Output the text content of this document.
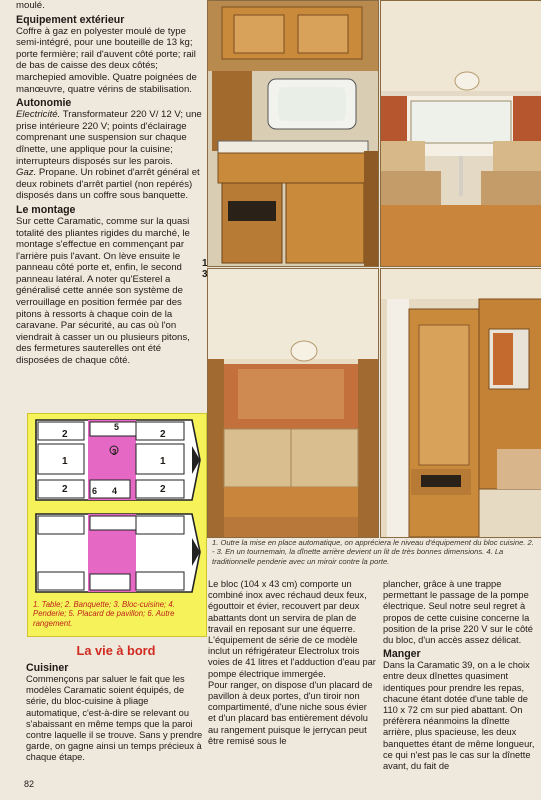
moulé.

Equipement extérieur

Coffre à gaz en polyester moulé de type semi-intégré, pour une bouteille de 13 kg; porte fermière; rail d'auvent côté porte; rail de bas de caisse des deux côtés; marchepied amovible. Quatre poignées de manœuvre, quatre vérins de stabilisation.

Autonomie

Electricité. Transformateur 220 V/ 12 V; une prise intérieure 220 V; points d'éclairage comprenant une suspension sur chaque dînette, une applique pour la cuisine; interrupteurs disposés sur les parois.

Gaz. Propane. Un robinet d'arrêt général et deux robinets d'arrêt partiel (non repérés) disposés dans un coffre sous banquette.

Le montage

Sur cette Caramatic, comme sur la quasi totalité des pliantes rigides du marché, le montage s'effectue en commençant par l'arrière puis l'avant. On lève ensuite le panneau côté porte et, enfin, le second panneau latéral. A noter qu'Esterel a généralisé cette année son système de verrouillage en position fermée par des pitons à ressorts à chaque coin de la caravane. Par sécurité, au cas où l'on viendrait à casser un ou plusieurs pitons, des fermetures sauterelles ont été disposées de chaque côté.

1
3
2
5
3
2
1	1
2	6 4	2
1. Table; 2. Banquette; 3. Bloc-cuisine; 4. Penderie; 5. Placard de pavillon; 6. Autre rangement.
1. Outre la mise en place automatique, on appréciera le niveau d'équipement du bloc cuisine. 2. - 3. En un tournemain, la dînette arrière devient un lit de très bonnes dimensions. 4. La traditionnelle penderie avec un miroir contre la porte.
La vie à bord
Cuisiner

Commençons par saluer le fait que les modèles Caramatic soient équipés, de série, du bloc-cuisine à pliage automatique, c'est-à-dire se relevant ou s'abaissant en même temps que la paroi contre laquelle il se trouve. Sans y prendre garde, on gagne ainsi un temps précieux à chaque étape.

Le bloc (104 x 43 cm) comporte un combiné inox avec réchaud deux feux, égouttoir et évier, recouvert par deux abattants dont un servira de plan de travail en reposant sur une équerre.

L'équipement de série de ce modèle inclut un réfrigérateur Electrolux trois voies de 41 litres et l'adduction d'eau par pompe électrique immergée.

Pour ranger, on dispose d'un placard de pavillon à deux portes, d'un tiroir non compartimenté, d'une niche sous évier et d'un placard bas entièrement dévolu au rangement puisque le jerrycan peut être remisé sous le

plancher, grâce à une trappe permettant le passage de la pompe électrique. Seul notre seul regret à propos de cette cuisine concerne la position de la prise 220 V sur le côté du bloc, d'un accès assez délicat.

Manger

Dans la Caramatic 39, on a le choix entre deux dînettes quasiment identiques pour prendre les repas, chacune étant dotée d'une table de 110 x 72 cm sur pied abattant. On préfèrera néanmoins la dînette arrière, plus spacieuse, les deux banquettes étant de même longueur, ce qui n'est pas le cas sur la dînette avant, du fait de

82
